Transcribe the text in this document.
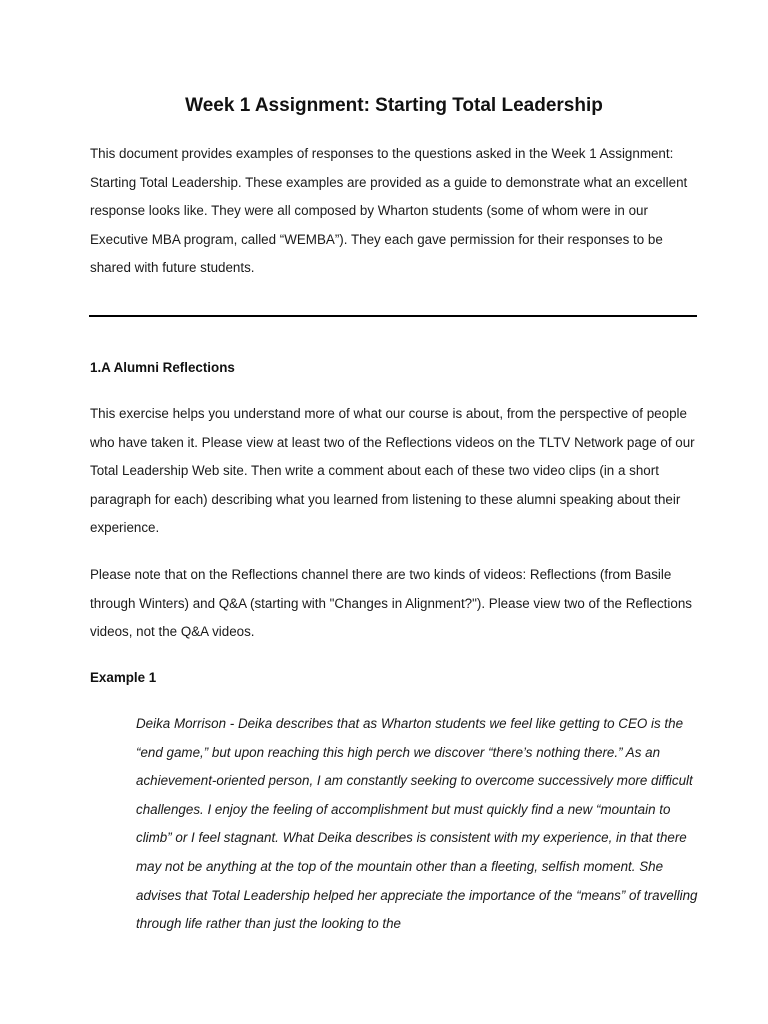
Week 1 Assignment: Starting Total Leadership

This document provides examples of responses to the questions asked in the Week 1 Assignment: Starting Total Leadership. These examples are provided as a guide to demonstrate what an excellent response looks like. They were all composed by Wharton students (some of whom were in our Executive MBA program, called “WEMBA”). They each gave permission for their responses to be shared with future students.

1.A Alumni Reflections

This exercise helps you understand more of what our course is about, from the perspective of people who have taken it. Please view at least two of the Reflections videos on the TLTV Network page of our Total Leadership Web site. Then write a comment about each of these two video clips (in a short paragraph for each) describing what you learned from listening to these alumni speaking about their experience.

Please note that on the Reflections channel there are two kinds of videos: Reflections (from Basile through Winters) and Q&A (starting with "Changes in Alignment?"). Please view two of the Reflections videos, not the Q&A videos.

Example 1

Deika Morrison - Deika describes that as Wharton students we feel like getting to CEO is the “end game,” but upon reaching this high perch we discover “there’s nothing there.” As an achievement-oriented person, I am constantly seeking to overcome successively more difficult challenges. I enjoy the feeling of accomplishment but must quickly find a new “mountain to climb” or I feel stagnant. What Deika describes is consistent with my experience, in that there may not be anything at the top of the mountain other than a fleeting, selfish moment. She advises that Total Leadership helped her appreciate the importance of the “means” of travelling through life rather than just the looking to the
